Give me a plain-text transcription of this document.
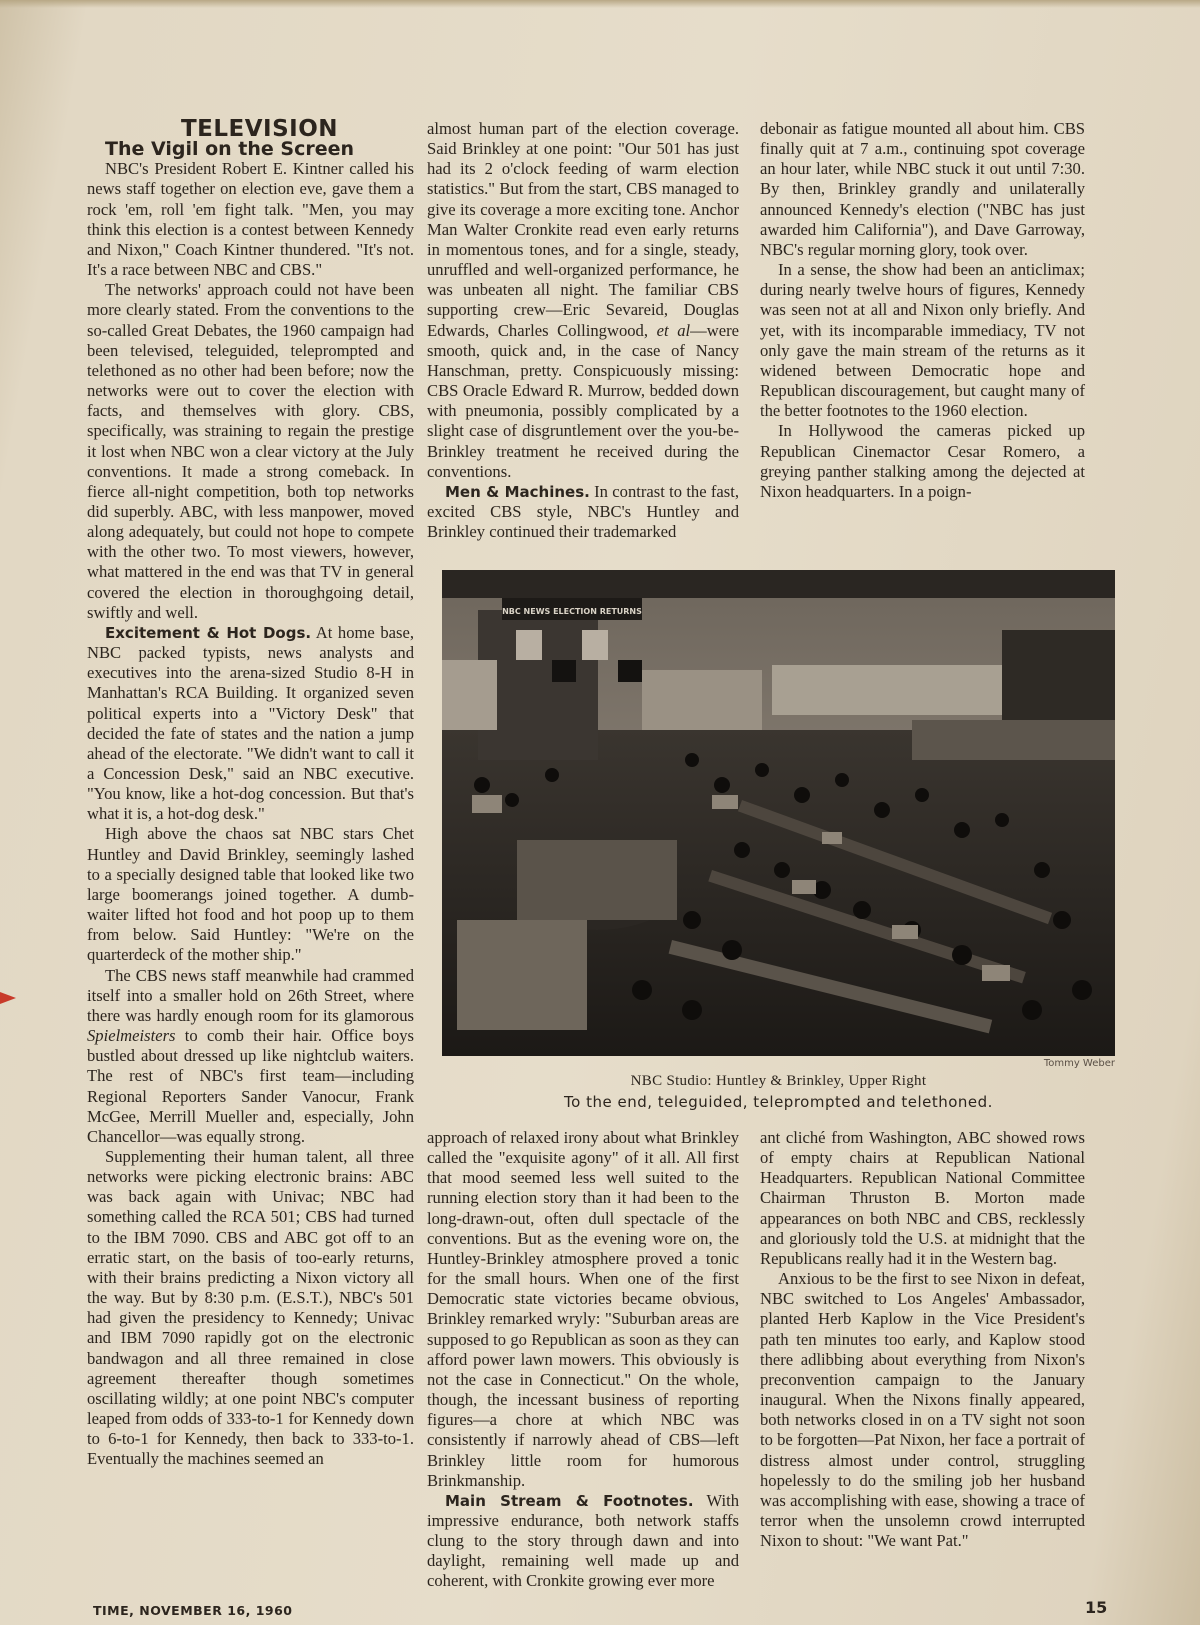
TELEVISION

The Vigil on the Screen

NBC's President Robert E. Kintner called his news staff together on election eve, gave them a rock 'em, roll 'em fight talk. "Men, you may think this election is a contest between Kennedy and Nixon," Coach Kintner thundered. "It's not. It's a race between NBC and CBS."

The networks' approach could not have been more clearly stated. From the conventions to the so-called Great Debates, the 1960 campaign had been televised, teleguided, teleprompted and telethoned as no other had been before; now the networks were out to cover the election with facts, and themselves with glory. CBS, specifically, was straining to regain the prestige it lost when NBC won a clear victory at the July conventions. It made a strong comeback. In fierce all-night competition, both top networks did superbly. ABC, with less manpower, moved along adequately, but could not hope to compete with the other two. To most viewers, however, what mattered in the end was that TV in general covered the election in thoroughgoing detail, swiftly and well.

Excitement & Hot Dogs. At home base, NBC packed typists, news analysts and executives into the arena-sized Studio 8-H in Manhattan's RCA Building. It organized seven political experts into a "Victory Desk" that decided the fate of states and the nation a jump ahead of the electorate. "We didn't want to call it a Concession Desk," said an NBC executive. "You know, like a hot-dog concession. But that's what it is, a hot-dog desk."

High above the chaos sat NBC stars Chet Huntley and David Brinkley, seemingly lashed to a specially designed table that looked like two large boomerangs joined together. A dumb-waiter lifted hot food and hot poop up to them from below. Said Huntley: "We're on the quarterdeck of the mother ship."

The CBS news staff meanwhile had crammed itself into a smaller hold on 26th Street, where there was hardly enough room for its glamorous Spielmeisters to comb their hair. Office boys bustled about dressed up like nightclub waiters. The rest of NBC's first team—including Regional Reporters Sander Vanocur, Frank McGee, Merrill Mueller and, especially, John Chancellor—was equally strong.

Supplementing their human talent, all three networks were picking electronic brains: ABC was back again with Univac; NBC had something called the RCA 501; CBS had turned to the IBM 7090. CBS and ABC got off to an erratic start, on the basis of too-early returns, with their brains predicting a Nixon victory all the way. But by 8:30 p.m. (E.S.T.), NBC's 501 had given the presidency to Kennedy; Univac and IBM 7090 rapidly got on the electronic bandwagon and all three remained in close agreement thereafter though sometimes oscillating wildly; at one point NBC's computer leaped from odds of 333-to-1 for Kennedy down to 6-to-1 for Kennedy, then back to 333-to-1. Eventually the machines seemed an

almost human part of the election coverage. Said Brinkley at one point: "Our 501 has just had its 2 o'clock feeding of warm election statistics." But from the start, CBS managed to give its coverage a more exciting tone. Anchor Man Walter Cronkite read even early returns in momentous tones, and for a single, steady, unruffled and well-organized performance, he was unbeaten all night. The familiar CBS supporting crew—Eric Sevareid, Douglas Edwards, Charles Collingwood, et al—were smooth, quick and, in the case of Nancy Hanschman, pretty. Conspicuously missing: CBS Oracle Edward R. Murrow, bedded down with pneumonia, possibly complicated by a slight case of disgruntlement over the you-be-Brinkley treatment he received during the conventions.

Men & Machines. In contrast to the fast, excited CBS style, NBC's Huntley and Brinkley continued their trademarked

debonair as fatigue mounted all about him. CBS finally quit at 7 a.m., continuing spot coverage an hour later, while NBC stuck it out until 7:30. By then, Brinkley grandly and unilaterally announced Kennedy's election ("NBC has just awarded him California"), and Dave Garroway, NBC's regular morning glory, took over.

In a sense, the show had been an anticlimax; during nearly twelve hours of figures, Kennedy was seen not at all and Nixon only briefly. And yet, with its incomparable immediacy, TV not only gave the main stream of the returns as it widened between Democratic hope and Republican discouragement, but caught many of the better footnotes to the 1960 election.

In Hollywood the cameras picked up Republican Cinemactor Cesar Romero, a greying panther stalking among the dejected at Nixon headquarters. In a poign-

NBC NEWS ELECTION RETURNS
Tommy Weber
NBC Studio: Huntley & Brinkley, Upper Right
To the end, teleguided, teleprompted and telethoned.

approach of relaxed irony about what Brinkley called the "exquisite agony" of it all. All first that mood seemed less well suited to the running election story than it had been to the long-drawn-out, often dull spectacle of the conventions. But as the evening wore on, the Huntley-Brinkley atmosphere proved a tonic for the small hours. When one of the first Democratic state victories became obvious, Brinkley remarked wryly: "Suburban areas are supposed to go Republican as soon as they can afford power lawn mowers. This obviously is not the case in Connecticut." On the whole, though, the incessant business of reporting figures—a chore at which NBC was consistently if narrowly ahead of CBS—left Brinkley little room for humorous Brinkmanship.

Main Stream & Footnotes. With impressive endurance, both network staffs clung to the story through dawn and into daylight, remaining well made up and coherent, with Cronkite growing ever more

ant cliché from Washington, ABC showed rows of empty chairs at Republican National Headquarters. Republican National Committee Chairman Thruston B. Morton made appearances on both NBC and CBS, recklessly and gloriously told the U.S. at midnight that the Republicans really had it in the Western bag.

Anxious to be the first to see Nixon in defeat, NBC switched to Los Angeles' Ambassador, planted Herb Kaplow in the Vice President's path ten minutes too early, and Kaplow stood there adlibbing about everything from Nixon's preconvention campaign to the January inaugural. When the Nixons finally appeared, both networks closed in on a TV sight not soon to be forgotten—Pat Nixon, her face a portrait of distress almost under control, struggling hopelessly to do the smiling job her husband was accomplishing with ease, showing a trace of terror when the unsolemn crowd interrupted Nixon to shout: "We want Pat."

TIME, NOVEMBER 16, 1960	15
